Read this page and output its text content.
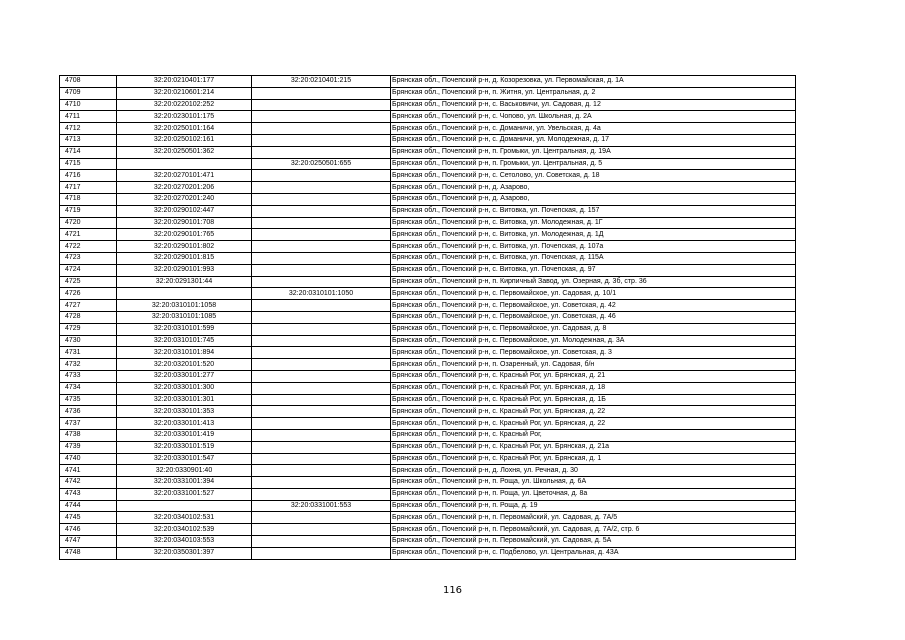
4708	32:20:0210401:177	32:20:0210401:215	Брянская обл., Почепский р-н, д. Козорезовка, ул. Первомайская, д. 1А
4709	32:20:0210601:214		Брянская обл., Почепский р-н, п. Житня, ул. Центральная, д. 2
4710	32:20:0220102:252		Брянская обл., Почепский р-н, с. Васьковичи, ул. Садовая, д. 12
4711	32:20:0230101:175		Брянская обл., Почепский р-н, с. Чопово, ул. Школьная, д. 2А
4712	32:20:0250101:164		Брянская обл., Почепский р-н, с. Доманичи, ул. Увельская, д. 4а
4713	32:20:0250102:161		Брянская обл., Почепский р-н, с. Доманичи, ул. Молодежная, д. 17
4714	32:20:0250501:362		Брянская обл., Почепский р-н, п. Громыки, ул. Центральная, д. 19А
4715		32:20:0250501:655	Брянская обл., Почепский р-н, п. Громыки, ул. Центральная, д. 5
4716	32:20:0270101:471		Брянская обл., Почепский р-н, с. Сетолово, ул. Советская, д. 18
4717	32:20:0270201:206		Брянская обл., Почепский р-н, д. Азарово,
4718	32:20:0270201:240		Брянская обл., Почепский р-н, д. Азарово,
4719	32:20:0290102:447		Брянская обл., Почепский р-н, с. Витовка, ул. Почепская, д. 157
4720	32:20:0290101:708		Брянская обл., Почепский р-н, с. Витовка, ул. Молодежная, д. 1Г
4721	32:20:0290101:765		Брянская обл., Почепский р-н, с. Витовка, ул. Молодежная, д. 1Д
4722	32:20:0290101:802		Брянская обл., Почепский р-н, с. Витовка, ул. Почепская, д. 107а
4723	32:20:0290101:815		Брянская обл., Почепский р-н, с. Витовка, ул. Почепская, д. 115А
4724	32:20:0290101:993		Брянская обл., Почепский р-н, с. Витовка, ул. Почепская, д. 97
4725	32:20:0291301:44		Брянская обл., Почепский р-н, п. Кирпичный Завод, ул. Озерная, д. 3б, стр. 36
4726		32:20:0310101:1050	Брянская обл., Почепский р-н, с. Первомайское, ул. Садовая, д. 10/1
4727	32:20:0310101:1058		Брянская обл., Почепский р-н, с. Первомайское, ул. Советская, д. 42
4728	32:20:0310101:1085		Брянская обл., Почепский р-н, с. Первомайское, ул. Советская, д. 46
4729	32:20:0310101:599		Брянская обл., Почепский р-н, с. Первомайское, ул. Садовая, д. 8
4730	32:20:0310101:745		Брянская обл., Почепский р-н, с. Первомайское, ул. Молодежная, д. 3А
4731	32:20:0310101:894		Брянская обл., Почепский р-н, с. Первомайское, ул. Советская, д. 3
4732	32:20:0320101:520		Брянская обл., Почепский р-н, п. Озаренный, ул. Садовая, б/н
4733	32:20:0330101:277		Брянская обл., Почепский р-н, с. Красный Рог, ул. Брянская, д. 21
4734	32:20:0330101:300		Брянская обл., Почепский р-н, с. Красный Рог, ул. Брянская, д. 18
4735	32:20:0330101:301		Брянская обл., Почепский р-н, с. Красный Рог, ул. Брянская, д. 1Б
4736	32:20:0330101:353		Брянская обл., Почепский р-н, с. Красный Рог, ул. Брянская, д. 22
4737	32:20:0330101:413		Брянская обл., Почепский р-н, с. Красный Рог, ул. Брянская, д. 22
4738	32:20:0330101:419		Брянская обл., Почепский р-н, с. Красный Рог,
4739	32:20:0330101:519		Брянская обл., Почепский р-н, с. Красный Рог, ул. Брянская, д. 21а
4740	32:20:0330101:547		Брянская обл., Почепский р-н, с. Красный Рог, ул. Брянская, д. 1
4741	32:20:0330901:40		Брянская обл., Почепский р-н, д. Лохня, ул. Речная, д. 30
4742	32:20:0331001:394		Брянская обл., Почепский р-н, п. Роща, ул. Школьная, д. 6А
4743	32:20:0331001:527		Брянская обл., Почепский р-н, п. Роща, ул. Цветочная, д. 8а
4744		32:20:0331001:553	Брянская обл., Почепский р-н, п. Роща, д. 19
4745	32:20:0340102:531		Брянская обл., Почепский р-н, п. Первомайский, ул. Садовая, д. 7А/5
4746	32:20:0340102:539		Брянская обл., Почепский р-н, п. Первомайский, ул. Садовая, д. 7А/2, стр. 6
4747	32:20:0340103:553		Брянская обл., Почепский р-н, п. Первомайский, ул. Садовая, д. 5А
4748	32:20:0350301:397		Брянская обл., Почепский р-н, с. Подбелово, ул. Центральная, д. 43А
116
